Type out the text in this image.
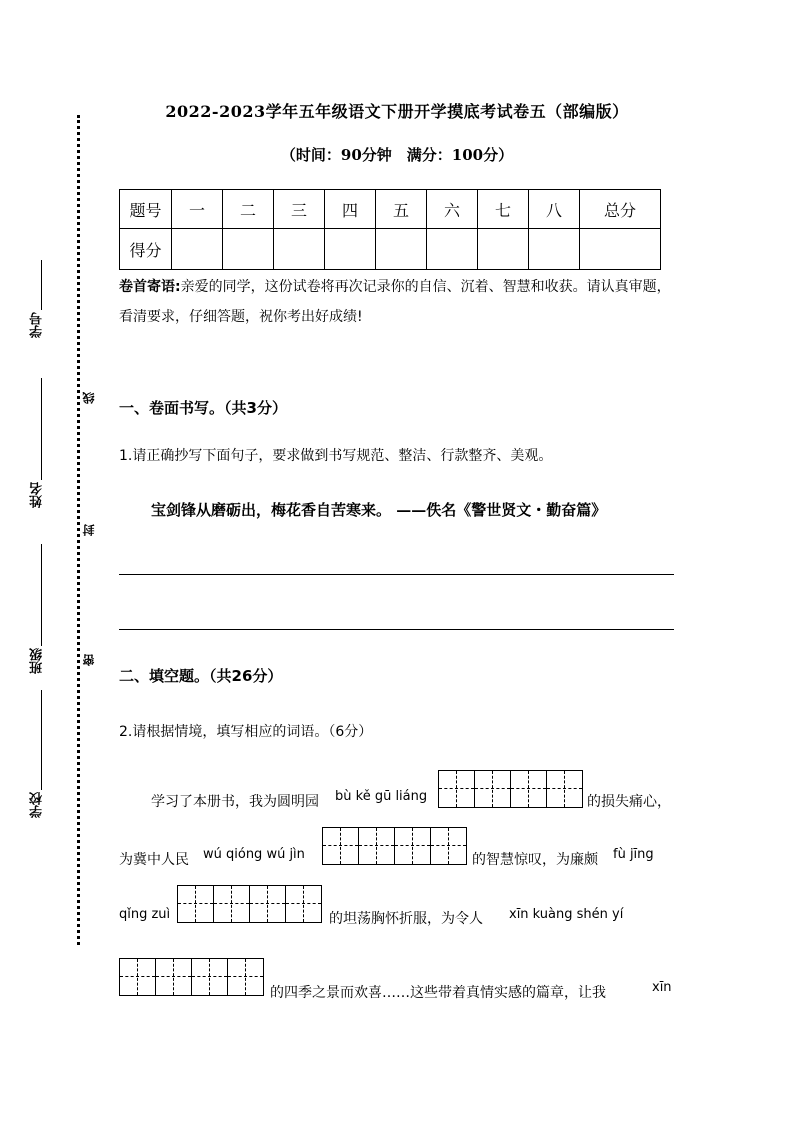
学号
姓名
班级
学校
线
封
密
2022-2023学年五年级语文下册开学摸底考试卷五（部编版）
（时间：90分钟　满分：100分）
题号	一	二	三	四	五	六	七	八	总分
得分									
卷首寄语:亲爱的同学，这份试卷将再次记录你的自信、沉着、智慧和收获。请认真审题，看清要求，仔细答题，祝你考出好成绩!
一、卷面书写。（共3分）
1.请正确抄写下面句子，要求做到书写规范、整洁、行款整齐、美观。
宝剑锋从磨砺出，梅花香自苦寒来。 ——佚名《警世贤文・勤奋篇》
二、填空题。（共26分）
2.请根据情境，填写相应的词语。（6分）
学习了本册书，我为圆明园 bù kě gū liáng	的损失痛心，
为冀中人民 wú qióng wú jìn	的智慧惊叹，为廉颇 fù jīng
qǐng zuì	的坦荡胸怀折服，为令人 xīn kuàng shén yí
的四季之景而欢喜……这些带着真情实感的篇章，让我	xīn
